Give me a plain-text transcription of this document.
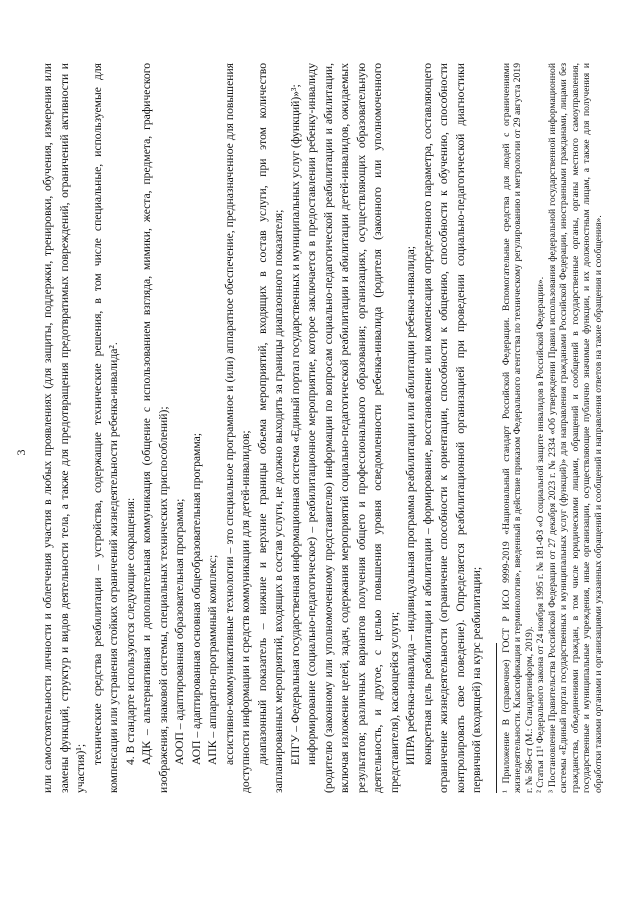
3 или самостоятельности личности и облегчения участия в любых проявлениях (для защиты, поддержки, тренировки, обучения, измерения или замены функций, структур и видов деятельности тела, а также для предотвращения предотвратимых повреждений, ограничений активности и участия)¹;

технические средства реабилитации – устройства, содержащие технические решения, в том числе специальные, используемые для компенсации или устранения стойких ограничений жизнедеятельности ребенка-инвалида². 4. В стандарте используются следующие сокращения: АДК – альтернативная и дополнительная коммуникация (общение с использованием взгляда, мимики, жеста, предмета, графического изображения, знаковой системы, специальных технических приспособлений); АООП – адаптированная образовательная программа; АОП – адаптированная основная общеобразовательная программа; АПК – аппаратно-программный комплекс; ассистивно-коммуникативные технологии – это специальное программное и (или) аппаратное обеспечение, предназначенное для повышения доступности информации и средств коммуникации для детей-инвалидов; диапазонный показатель – нижние и верхние границы объема мероприятий, входящих в состав услуги, при этом количество запланированных мероприятий, входящих в состав услуги, не должно выходить за границы диапазонного показателя; ЕПГУ – Федеральная государственная информационная система «Единый портал государственных и муниципальных услуг (функций)»³; информирование (социально-педагогическое) – реабилитационное мероприятие, которое заключается в предоставлении ребенку-инвалиду (родителю (законному или уполномоченному представителю) информации по вопросам социально-педагогической реабилитации и абилитации, включая изложение целей, задач, содержания мероприятий социально-педагогической реабилитации и абилитации детей-инвалидов, ожидаемых результатов; различных вариантов получения общего и профессионального образования; организациях, осуществляющих образовательную деятельность, и другое, с целью повышения уровня осведомленности ребенка-инвалида (родителя (законного или уполномоченного представителя), касающейся услуги; ИПРА ребенка-инвалида – индивидуальная программа реабилитации или абилитации ребенка-инвалида; конкретная цель реабилитации и абилитации – формирование, восстановление или компенсация определенного параметра, составляющего ограничение жизнедеятельности (ограничение способности к ориентации, способности к общению, способности к обучению, способности контролировать свое поведение). Определяется реабилитационной организацией при проведении социально-педагогической диагностики первичной (входящей) на курс реабилитации; ¹ Приложение В (справочное) ГОСТ Р ИСО 9999-2019 «Национальный стандарт Российской Федерации. Вспомогательные средства для людей с ограничениями жизнедеятельности. Классификация и терминология», введенный в действие приказом Федерального агентства по техническому регулированию и метрологии от 29 августа 2019 г. № 586-ст (М.: Стандартинформ, 2019). ² Статья 11¹ Федерального закона от 24 ноября 1995 г. № 181-ФЗ «О социальной защите инвалидов в Российской Федерации». ³ Постановление Правительства Российской Федерации от 27 декабря 2023 г. № 2334 «Об утверждении Правил использования федеральной государственной информационной системы «Единый портал государственных и муниципальных услуг (функций)» для направления гражданами Российской Федерации, иностранными гражданами, лицами без гражданства, объединениями граждан, в том числе юридическими лицами, обращений и сообщений в государственные органы, органы местного самоуправления, государственные и муниципальные учреждения, иные организации, осуществляющие публично значимые функции, и их должностным лицам, а также для получения и обработки такими органами и организациями указанных обращений и сообщений и направления ответов на такие обращения и сообщения».
